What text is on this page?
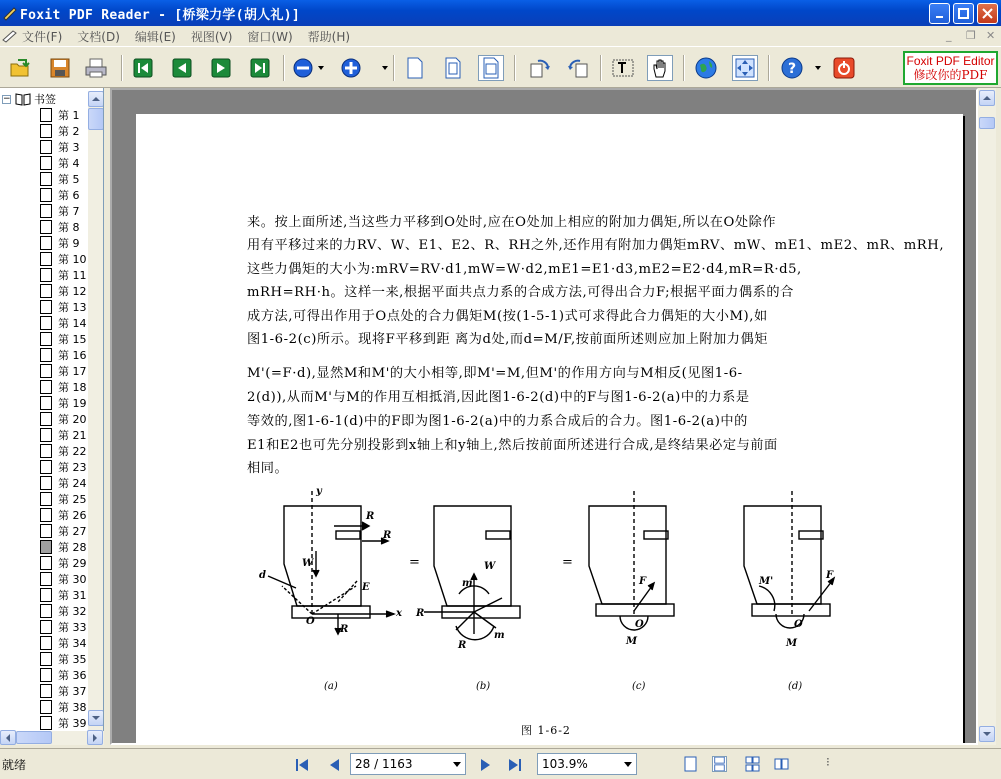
Foxit PDF Reader - [桥梁力学(胡人礼)]
文件(F) 文档(D) 编辑(E) 视图(V) 窗口(W) 帮助(H)	_ ❐ ✕
?	Foxit PDF Editor
修改你的PDF
− 书签
第 1
第 2
第 3
第 4
第 5
第 6
第 7
第 8
第 9
第 10
第 11
第 12
第 13
第 14
第 15
第 16
第 17
第 18
第 19
第 20
第 21
第 22
第 23
第 24
第 25
第 26
第 27
第 28
第 29
第 30
第 31
第 32
第 33
第 34
第 35
第 36
第 37
第 38
第 39
来。按上面所述,当这些力平移到O处时,应在O处加上相应的附加力偶矩,所以在O处除作
用有平移过来的力RV、W、E1、E2、R、RH之外,还作用有附加力偶矩mRV、mW、mE1、mE2、mR、mRH,
这些力偶矩的大小为:mRV=RV·d1,mW=W·d2,mE1=E1·d3,mE2=E2·d4,mR=R·d5,
mRH=RH·h。这样一来,根据平面共点力系的合成方法,可得出合力F;根据平面力偶系的合
成方法,可得出作用于O点处的合力偶矩M(按(1-5-1)式可求得此合力偶矩的大小M),如
图1-6-2(c)所示。现将F平移到距 离为d处,而d=M/F,按前面所述则应加上附加力偶矩
M'(=F·d),显然M和M'的大小相等,即M'=M,但M'的作用方向与M相反(见图1-6-
2(d)),从而M'与M的作用互相抵消,因此图1-6-2(d)中的F与图1-6-2(a)中的力系是
等效的,图1-6-1(d)中的F即为图1-6-2(a)中的力系合成后的合力。图1-6-2(a)中的
E1和E2也可先分别投影到x轴上和y轴上,然后按前面所述进行合成,是终结果必定与前面
相同。
y
x
R
R
W
d
E
R
O
W
m
R
R
m
F
O
M
F
M'
O
M
=	=
(a)	(b)	(c)	(d)
图 1-6-2
就绪	28 / 1163	103.9%	⁝
